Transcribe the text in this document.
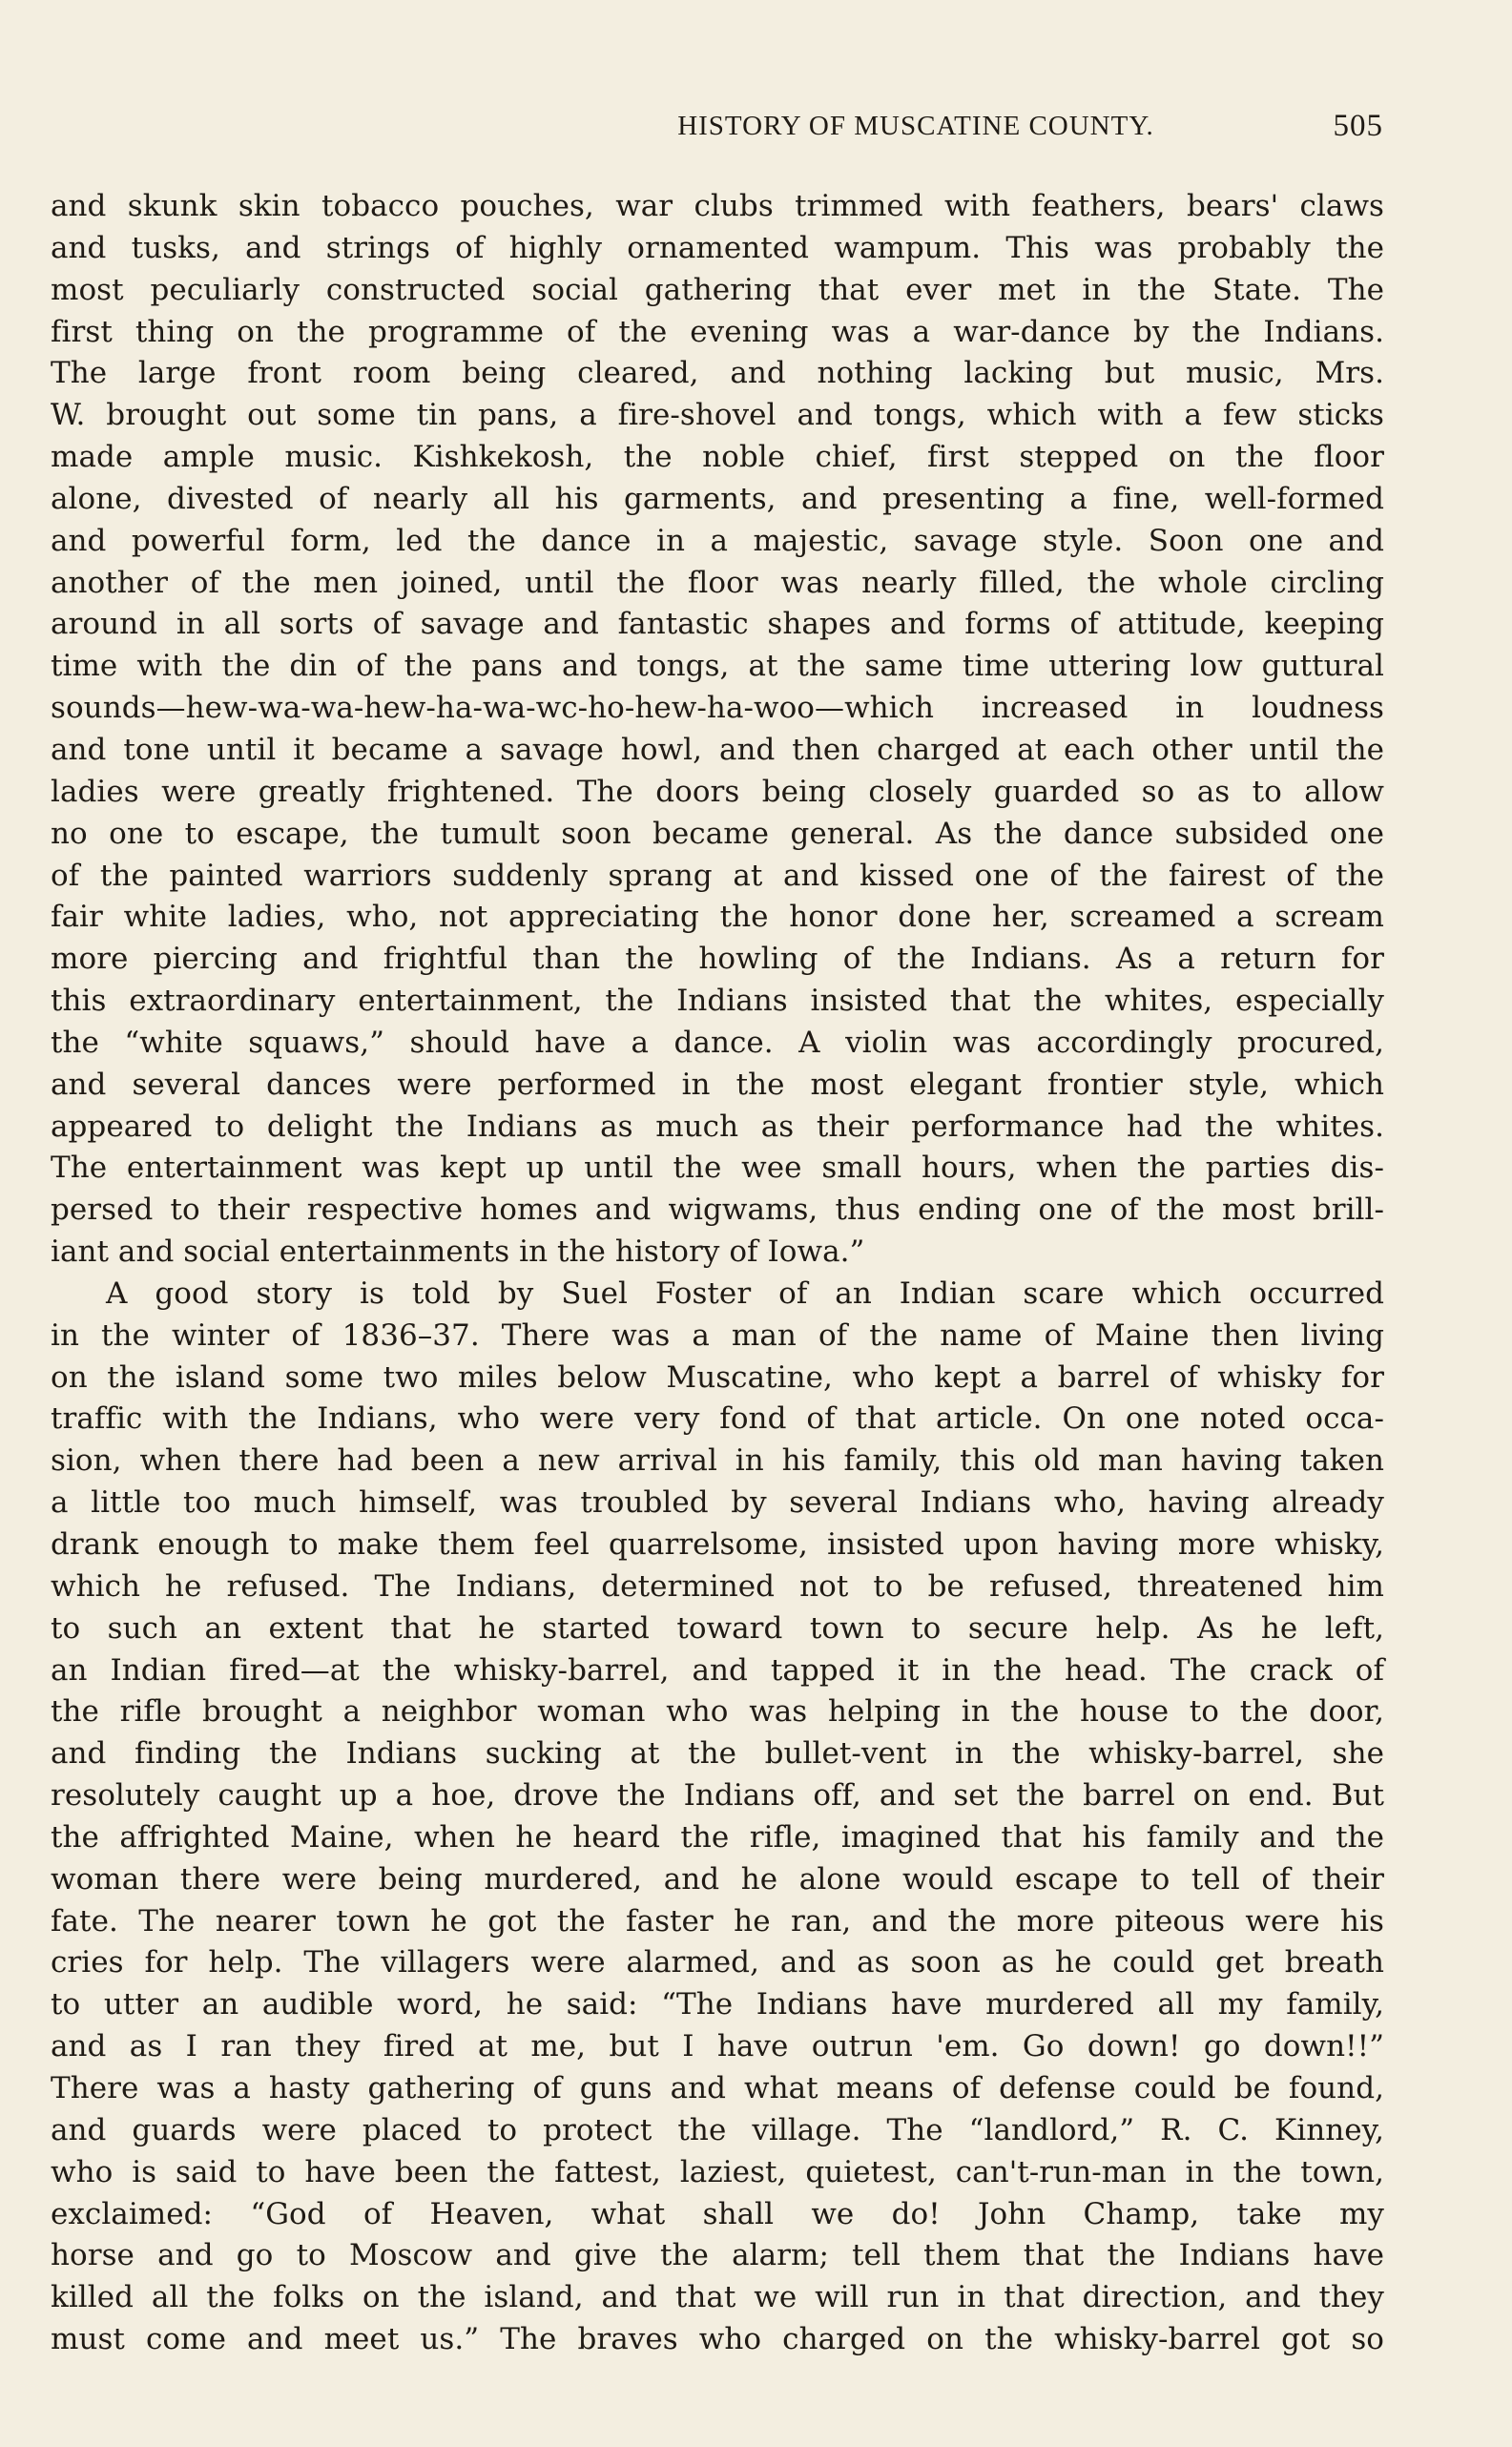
HISTORY OF MUSCATINE COUNTY.	505
and skunk skin tobacco pouches, war clubs trimmed with feathers, bears' claws
and tusks, and strings of highly ornamented wampum. This was probably the
most peculiarly constructed social gathering that ever met in the State. The
first thing on the programme of the evening was a war-dance by the Indians.
The large front room being cleared, and nothing lacking but music, Mrs.
W. brought out some tin pans, a fire-shovel and tongs, which with a few sticks
made ample music. Kishkekosh, the noble chief, first stepped on the floor
alone, divested of nearly all his garments, and presenting a fine, well-formed
and powerful form, led the dance in a majestic, savage style. Soon one and
another of the men joined, until the floor was nearly filled, the whole circling
around in all sorts of savage and fantastic shapes and forms of attitude, keeping
time with the din of the pans and tongs, at the same time uttering low guttural
sounds—hew-wa-wa-hew-ha-wa-wc-ho-hew-ha-woo—which increased in loudness
and tone until it became a savage howl, and then charged at each other until the
ladies were greatly frightened. The doors being closely guarded so as to allow
no one to escape, the tumult soon became general. As the dance subsided one
of the painted warriors suddenly sprang at and kissed one of the fairest of the
fair white ladies, who, not appreciating the honor done her, screamed a scream
more piercing and frightful than the howling of the Indians. As a return for
this extraordinary entertainment, the Indians insisted that the whites, especially
the “white squaws,” should have a dance. A violin was accordingly procured,
and several dances were performed in the most elegant frontier style, which
appeared to delight the Indians as much as their performance had the whites.
The entertainment was kept up until the wee small hours, when the parties dis-
persed to their respective homes and wigwams, thus ending one of the most brill-
iant and social entertainments in the history of Iowa.”
A good story is told by Suel Foster of an Indian scare which occurred
in the winter of 1836–37. There was a man of the name of Maine then living
on the island some two miles below Muscatine, who kept a barrel of whisky for
traffic with the Indians, who were very fond of that article. On one noted occa-
sion, when there had been a new arrival in his family, this old man having taken
a little too much himself, was troubled by several Indians who, having already
drank enough to make them feel quarrelsome, insisted upon having more whisky,
which he refused. The Indians, determined not to be refused, threatened him
to such an extent that he started toward town to secure help. As he left,
an Indian fired—at the whisky-barrel, and tapped it in the head. The crack of
the rifle brought a neighbor woman who was helping in the house to the door,
and finding the Indians sucking at the bullet-vent in the whisky-barrel, she
resolutely caught up a hoe, drove the Indians off, and set the barrel on end. But
the affrighted Maine, when he heard the rifle, imagined that his family and the
woman there were being murdered, and he alone would escape to tell of their
fate. The nearer town he got the faster he ran, and the more piteous were his
cries for help. The villagers were alarmed, and as soon as he could get breath
to utter an audible word, he said: “The Indians have murdered all my family,
and as I ran they fired at me, but I have outrun 'em. Go down! go down!!”
There was a hasty gathering of guns and what means of defense could be found,
and guards were placed to protect the village. The “landlord,” R. C. Kinney,
who is said to have been the fattest, laziest, quietest, can't-run-man in the town,
exclaimed: “God of Heaven, what shall we do! John Champ, take my
horse and go to Moscow and give the alarm; tell them that the Indians have
killed all the folks on the island, and that we will run in that direction, and they
must come and meet us.” The braves who charged on the whisky-barrel got so
